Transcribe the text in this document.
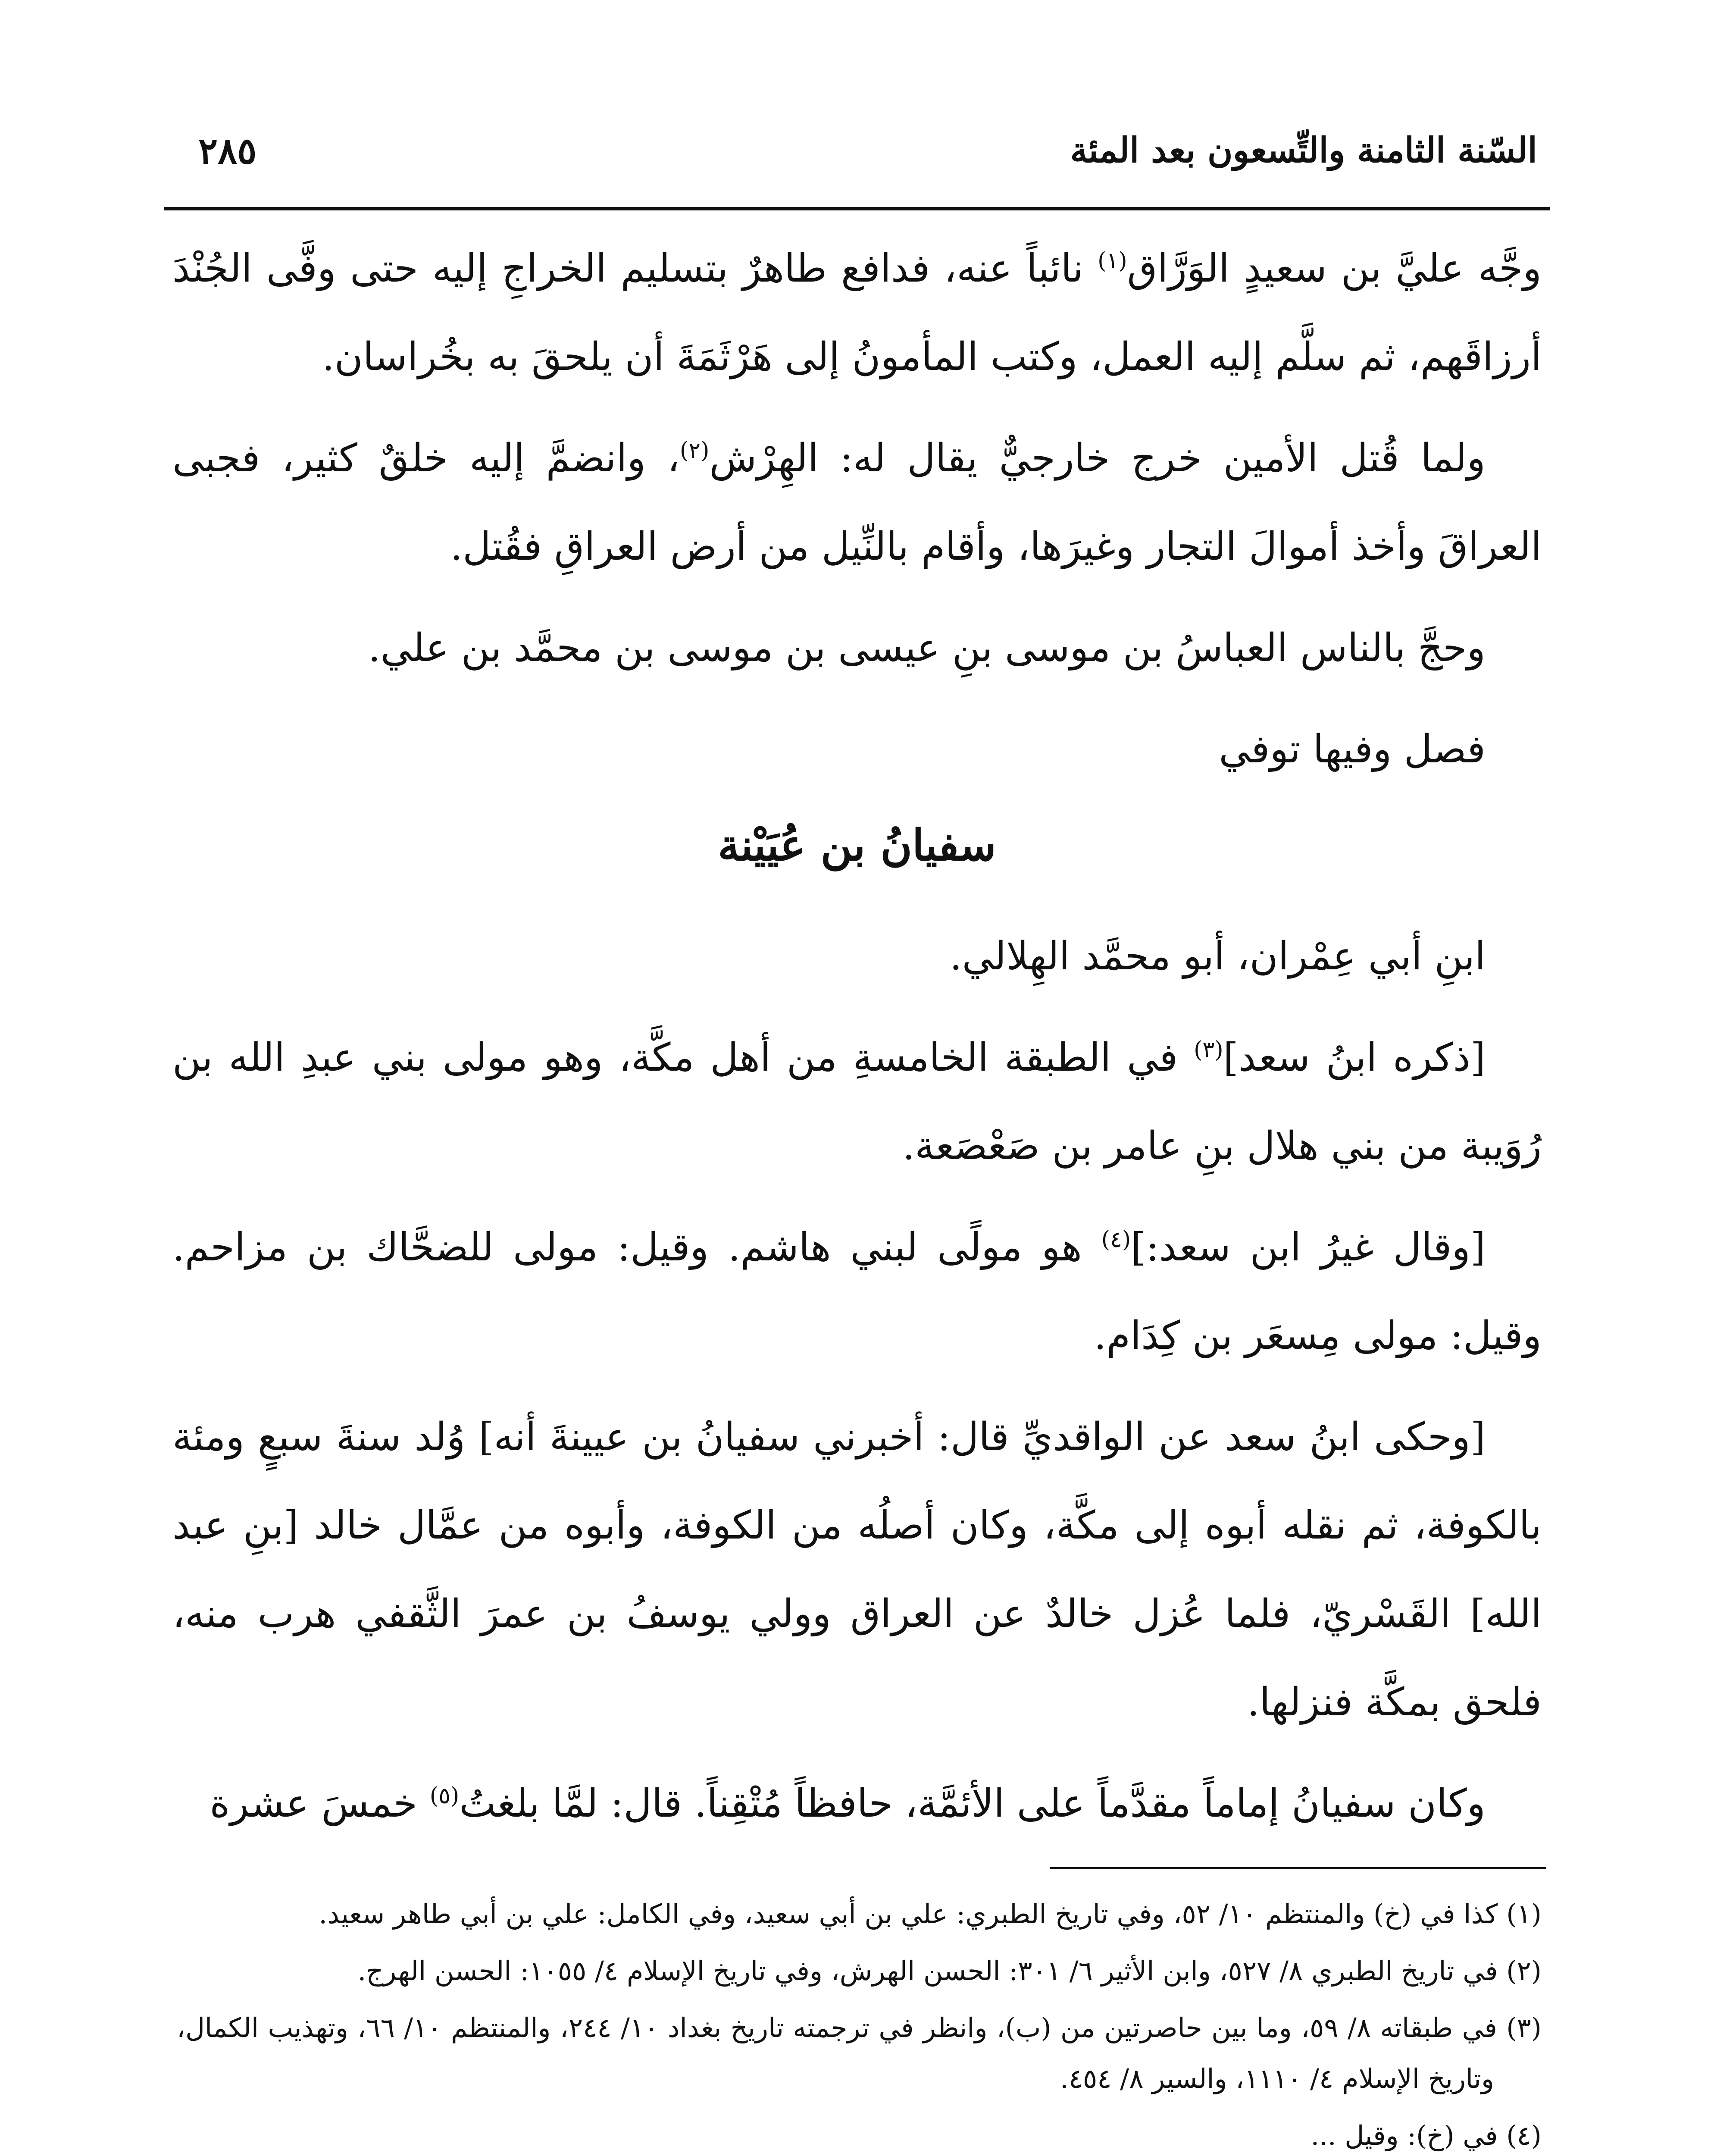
السّنة الثامنة والتِّسعون بعد المئة
٢٨٥

وجَّه عليَّ بن سعيدٍ الوَرَّاق$^{(١)}$ نائباً عنه، فدافع طاهرٌ بتسليم الخراجِ إليه حتى وفَّى الجُنْدَ أرزاقَهم، ثم سلَّم إليه العمل، وكتب المأمونُ إلى هَرْثَمَةَ أن يلحقَ به بخُراسان.

ولما قُتل الأمين خرج خارجيٌّ يقال له: الهِرْش$^{(٢)}$، وانضمَّ إليه خلقٌ كثير، فجبى العراقَ وأخذ أموالَ التجار وغيرَها، وأقام بالنِّيل من أرض العراقِ فقُتل.

وحجَّ بالناس العباسُ بن موسى بنِ عيسى بن موسى بن محمَّد بن علي.

فصل وفيها توفي

سفيانُ بن عُيَيْنة

ابنِ أبي عِمْران، أبو محمَّد الهِلالي.

[ذكره ابنُ سعد]$^{(٣)}$ في الطبقة الخامسةِ من أهل مكَّة، وهو مولى بني عبدِ الله بن رُوَيبة من بني هلال بنِ عامر بن صَعْصَعة.

[وقال غيرُ ابن سعد:]$^{(٤)}$ هو مولًى لبني هاشم. وقيل: مولى للضحَّاك بن مزاحم. وقيل: مولى مِسعَر بن كِدَام.

[وحكى ابنُ سعد عن الواقديِّ قال: أخبرني سفيانُ بن عيينةَ أنه] وُلد سنةَ سبعٍ ومئة بالكوفة، ثم نقله أبوه إلى مكَّة، وكان أصلُه من الكوفة، وأبوه من عمَّال خالد [بنِ عبد الله] القَسْريّ، فلما عُزل خالدٌ عن العراق وولي يوسفُ بن عمرَ الثَّقفي هرب منه، فلحق بمكَّة فنزلها.

وكان سفيانُ إماماً مقدَّماً على الأئمَّة، حافظاً مُتْقِناً. قال: لمَّا بلغتُ$^{(٥)}$ خمسَ عشرة

(١) كذا في (خ) والمنتظم ١٠/ ٥٢، وفي تاريخ الطبري: علي بن أبي سعيد، وفي الكامل: علي بن أبي طاهر سعيد.

(٢) في تاريخ الطبري ٨/ ٥٢٧، وابن الأثير ٦/ ٣٠١: الحسن الهرش، وفي تاريخ الإسلام ٤/ ١٠٥٥: الحسن الهرج.

(٣) في طبقاته ٨/ ٥٩، وما بين حاصرتين من (ب)، وانظر في ترجمته تاريخ بغداد ١٠/ ٢٤٤، والمنتظم ١٠/ ٦٦، وتهذيب الكمال، وتاريخ الإسلام ٤/ ١١١٠، والسير ٨/ ٤٥٤.

(٤) في (خ): وقيل ...
